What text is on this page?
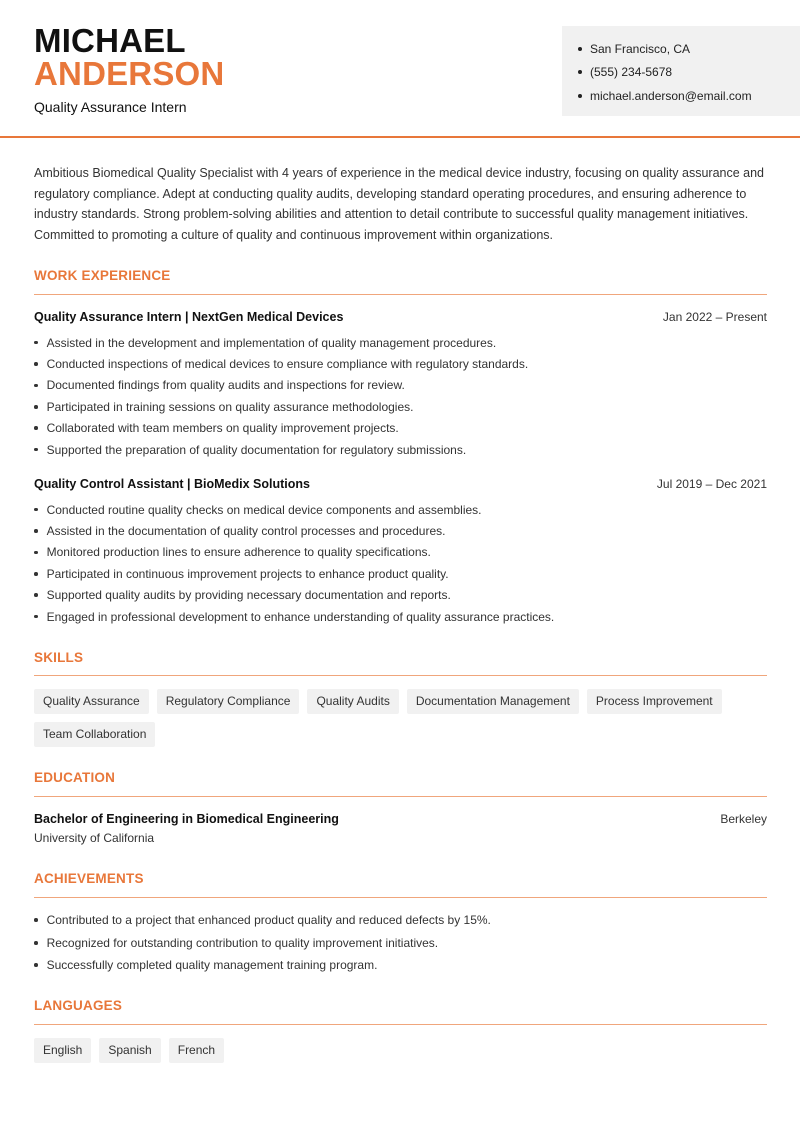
MICHAEL
ANDERSON
Quality Assurance Intern
San Francisco, CA
(555) 234-5678
michael.anderson@email.com

Ambitious Biomedical Quality Specialist with 4 years of experience in the medical device industry, focusing on quality assurance and regulatory compliance. Adept at conducting quality audits, developing standard operating procedures, and ensuring adherence to industry standards. Strong problem-solving abilities and attention to detail contribute to successful quality management initiatives. Committed to promoting a culture of quality and continuous improvement within organizations.

WORK EXPERIENCE
Quality Assurance Intern | NextGen Medical Devices	Jan 2022 – Present
Assisted in the development and implementation of quality management procedures.
Conducted inspections of medical devices to ensure compliance with regulatory standards.
Documented findings from quality audits and inspections for review.
Participated in training sessions on quality assurance methodologies.
Collaborated with team members on quality improvement projects.
Supported the preparation of quality documentation for regulatory submissions.
Quality Control Assistant | BioMedix Solutions	Jul 2019 – Dec 2021
Conducted routine quality checks on medical device components and assemblies.
Assisted in the documentation of quality control processes and procedures.
Monitored production lines to ensure adherence to quality specifications.
Participated in continuous improvement projects to enhance product quality.
Supported quality audits by providing necessary documentation and reports.
Engaged in professional development to enhance understanding of quality assurance practices.
SKILLS
Quality Assurance	Regulatory Compliance	Quality Audits	Documentation Management	Process Improvement
Team Collaboration
EDUCATION
Bachelor of Engineering in Biomedical Engineering	Berkeley
University of California
ACHIEVEMENTS
Contributed to a project that enhanced product quality and reduced defects by 15%.
Recognized for outstanding contribution to quality improvement initiatives.
Successfully completed quality management training program.
LANGUAGES
English	Spanish	French
